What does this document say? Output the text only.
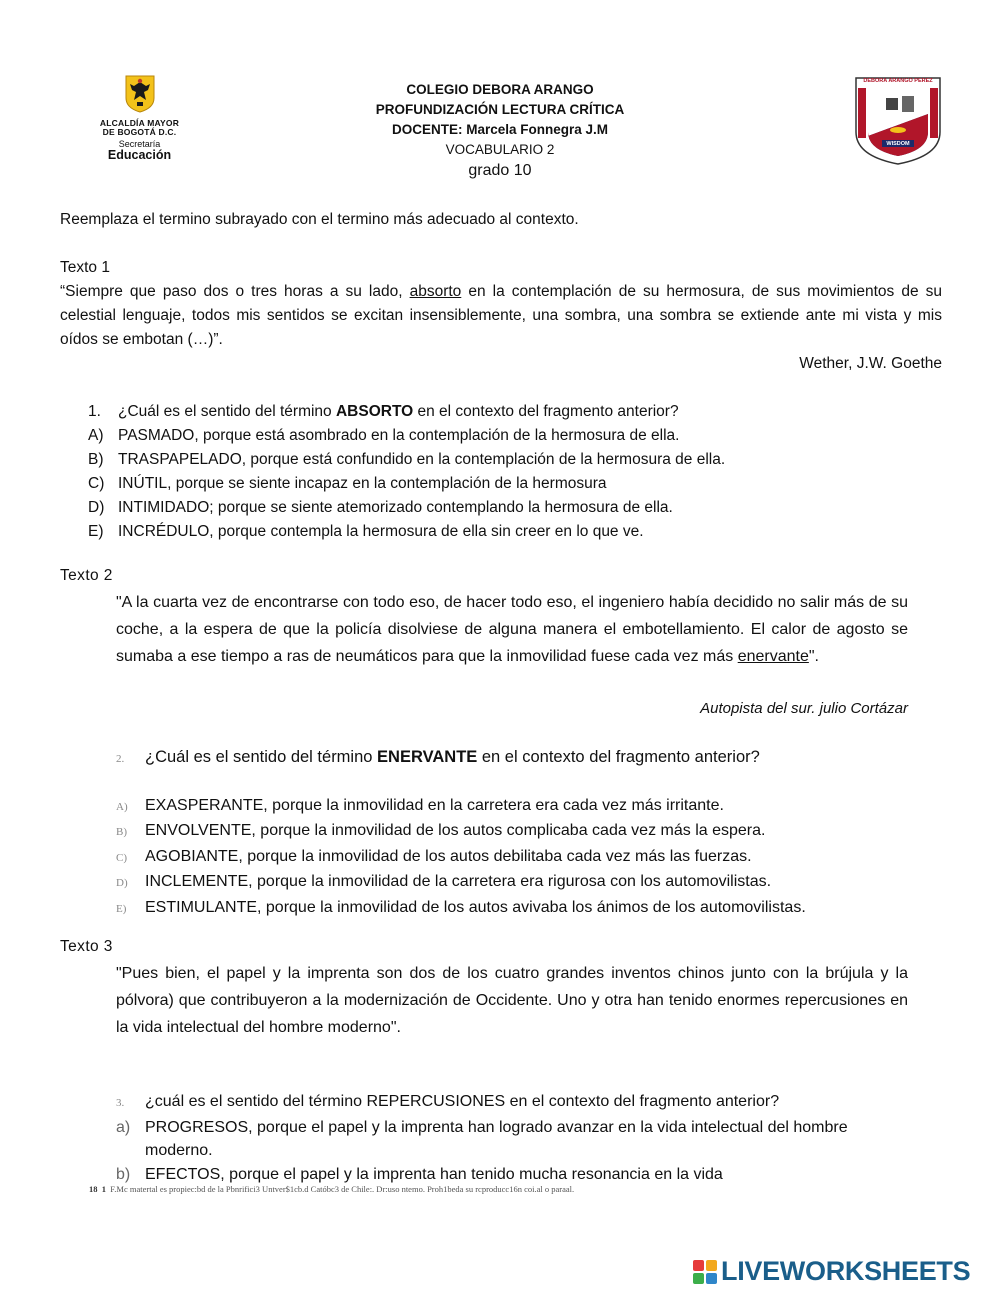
ALCALDÍA MAYOR
DE BOGOTÁ D.C.
Secretaría
Educación
DEBORA ARANGO PEREZ
WISDOM
COLEGIO DEBORA ARANGO
PROFUNDIZACIÓN LECTURA CRÍTICA
DOCENTE: Marcela Fonnegra J.M
VOCABULARIO 2
grado 10
Reemplaza el termino subrayado con el termino más adecuado al contexto.
Texto 1
“Siempre que paso dos o tres horas a su lado, absorto en la contemplación de su hermosura, de sus movimientos de su celestial lenguaje, todos mis sentidos se excitan insensiblemente, una sombra, una sombra se extiende ante mi vista y mis oídos se embotan (…)”.
Wether, J.W. Goethe
1.	¿Cuál es el sentido del término ABSORTO en el contexto del fragmento anterior?
A) PASMADO, porque está asombrado en la contemplación de la hermosura de ella.
B) TRASPAPELADO, porque está confundido en la contemplación de la hermosura de ella.
C) INÚTIL, porque se siente incapaz en la contemplación de la hermosura
D) INTIMIDADO; porque se siente atemorizado contemplando la hermosura de ella.
E) INCRÉDULO, porque contempla la hermosura de ella sin creer en lo que ve.
Texto 2
"A la cuarta vez de encontrarse con todo eso, de hacer todo eso, el ingeniero había decidido no salir más de su coche, a la espera de que la policía disolviese de alguna manera el embotellamiento. El calor de agosto se sumaba a ese tiempo a ras de neumáticos para que la inmovilidad fuese cada vez más enervante".
Autopista del sur. julio Cortázar
2.	¿Cuál es el sentido del término ENERVANTE en el contexto del fragmento anterior?
A)	EXASPERANTE, porque la inmovilidad en la carretera era cada vez más irritante.
B)	ENVOLVENTE, porque la inmovilidad de los autos complicaba cada vez más la espera.
C)	AGOBIANTE, porque la inmovilidad de los autos debilitaba cada vez más las fuerzas.
D)	INCLEMENTE, porque la inmovilidad de la carretera era rigurosa con los automovilistas.
E)	ESTIMULANTE, porque la inmovilidad de los autos avivaba los ánimos de los automovilistas.
Texto 3
"Pues bien, el papel y la imprenta son dos de los cuatro grandes inventos chinos junto con la brújula y la pólvora) que contribuyeron a la modernización de Occidente. Uno y otra han tenido enormes repercusiones en la vida intelectual del hombre moderno".
3.	¿cuál es el sentido del término REPERCUSIONES en el contexto del fragmento anterior?
a) PROGRESOS, porque el papel y la imprenta han logrado avanzar en la vida intelectual del hombre moderno.
b) EFECTOS, porque el papel y la imprenta han tenido mucha resonancia en la vida
18 1 F.Mc matertal es propiec:bd de la Pbnrifici3 Untver$1cb.d Catóbc3 de Chile:. Dr:uso ntemo. Proh1beda su rcproducc16n coi.al o paraal.
LIVEWORKSHEETS
